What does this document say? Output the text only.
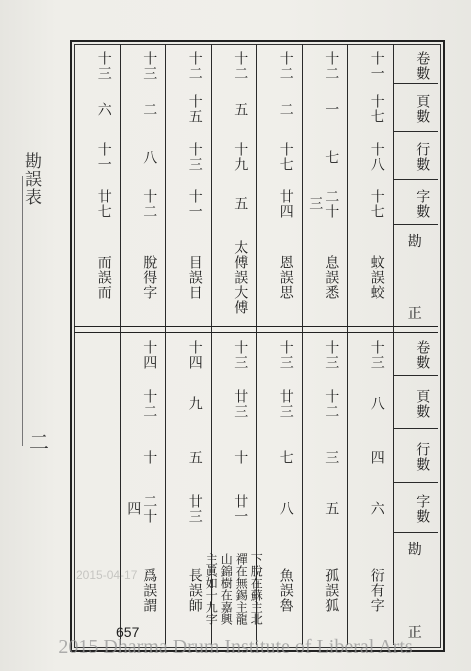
勘誤表
二
卷數
頁數
行數
字數
勘
正
卷數
頁數
行數
字數
勘
正
十一
十七
十八
十七
蚊誤蛟
十二
一
七
二十三
息誤悉
十二
二
十七
廿四
恩誤思
十二
五
十九
五
太傅誤大傅
十二
十五
十三
十一
目誤日
十三
二
八
十二
脫得字
十三
六
十一
廿七
而誤而
十三
八
四
六
衍有字
十三
十二
三
五
孤誤狐
十三
廿三
七
八
魚誤魯
十三
廿三
十
廿一
下脫在蘇主北
禪在無錫主龍
山錦樹在嘉興
主眞如十九字
十四
九
五
廿三
長誤師
十四
十二
十
二十四
爲誤謂
2015-04-17
657
2015 Dharma Drum Institute of Liberal Arts
